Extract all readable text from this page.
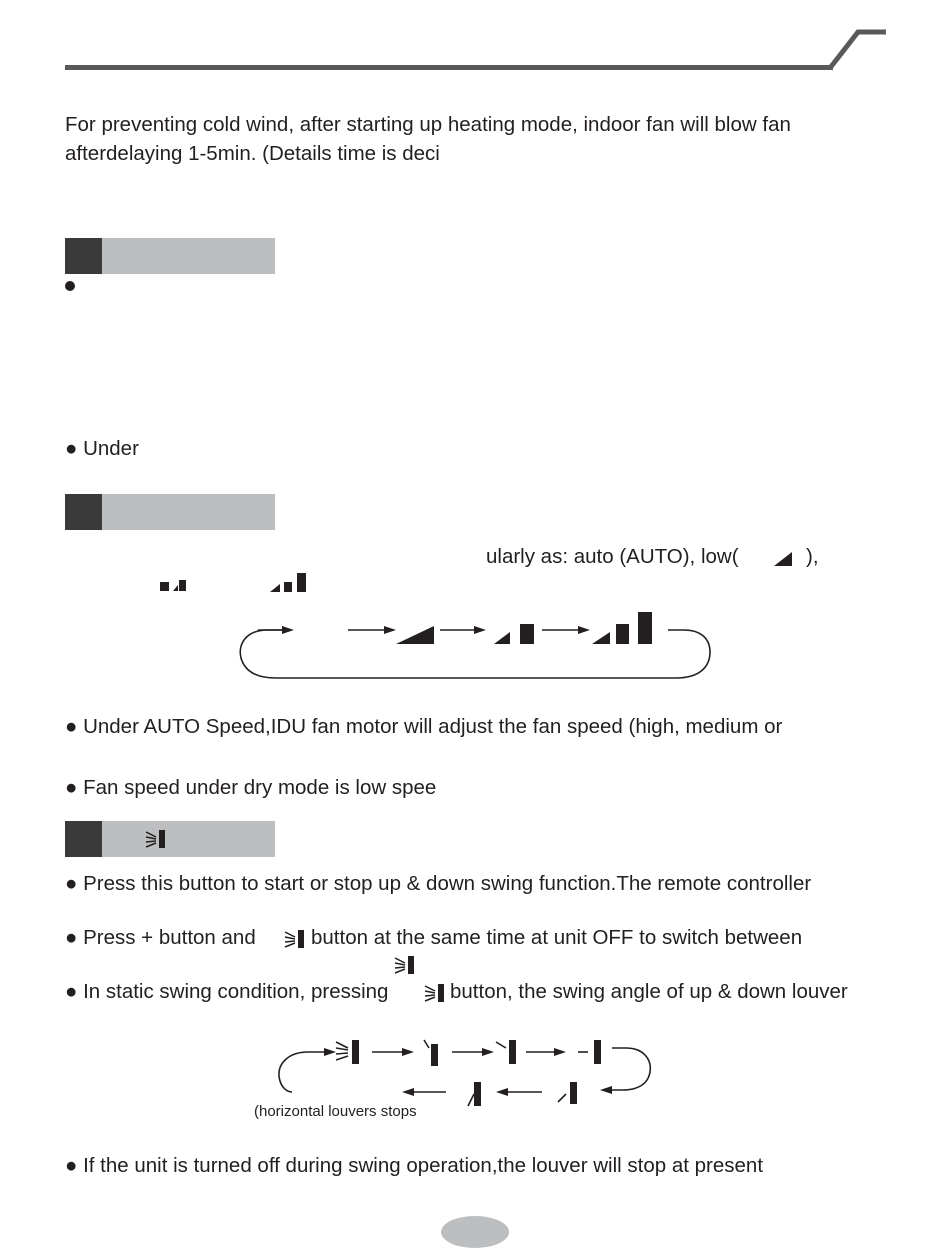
For preventing cold wind, after starting up heating mode, indoor fan will blow fan
afterdelaying 1-5min. (Details time is deci
● Under
ularly as: auto (AUTO), low(	),
● Under AUTO Speed,IDU fan motor will adjust the fan speed (high, medium or
● Fan speed under dry mode is low spee
● Press this button to start or stop up & down swing function.The remote controller
● Press + button and	button at the same time at unit OFF to switch between
● In static swing condition, pressing	button, the swing angle of up & down louver
(horizontal louvers stops
● If the unit is turned off during swing operation,the louver will stop at present
